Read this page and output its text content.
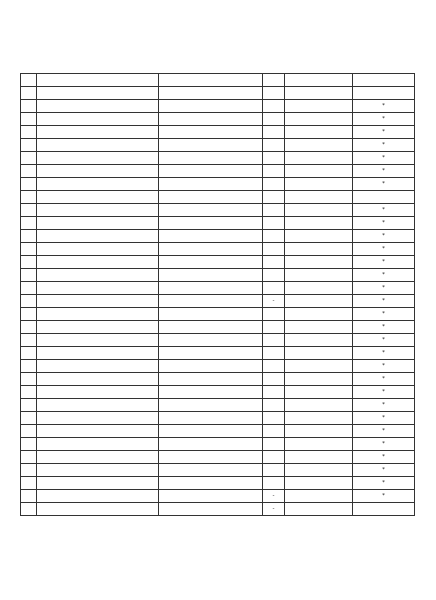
					*
					*
					*
					*
					*
					*
					*

					*
					*
					*
					*
					*
					*
					*
			-		*
					*
					*
					*
					*
					*
					*
					*
					*
					*
					*
					*
					*
					*
					*
			-		*
			-		
